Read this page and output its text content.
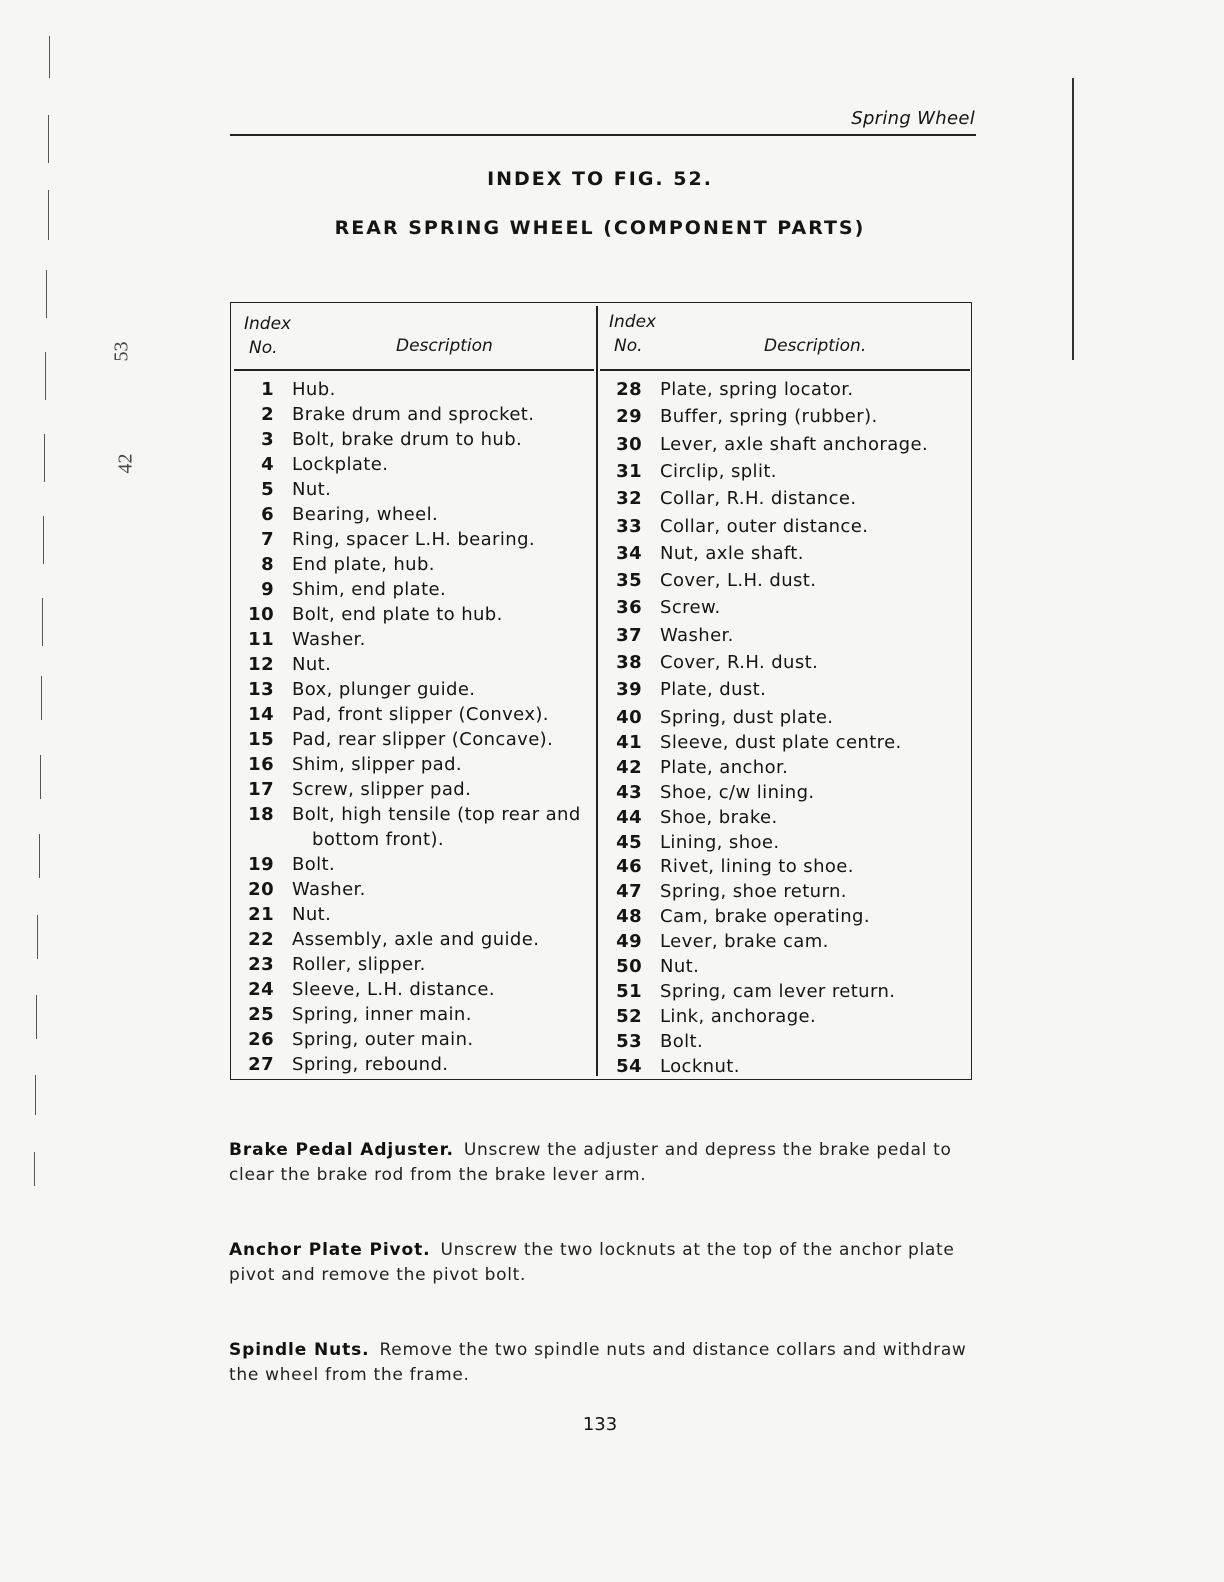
53
42
Spring Wheel
INDEX TO FIG. 52.
REAR SPRING WHEEL (COMPONENT PARTS)
Index
No.	Description
Index
No.	Description.
1 Hub.
2 Brake drum and sprocket.
3 Bolt, brake drum to hub.
4 Lockplate.
5 Nut.
6 Bearing, wheel.
7 Ring, spacer L.H. bearing.
8 End plate, hub.
9 Shim, end plate.
10 Bolt, end plate to hub.
11 Washer.
12 Nut.
13 Box, plunger guide.
14 Pad, front slipper (Convex).
15 Pad, rear slipper (Concave).
16 Shim, slipper pad.
17 Screw, slipper pad.
18 Bolt, high tensile (top rear and
bottom front).
19 Bolt.
20 Washer.
21 Nut.
22 Assembly, axle and guide.
23 Roller, slipper.
24 Sleeve, L.H. distance.
25 Spring, inner main.
26 Spring, outer main.
27 Spring, rebound.
28 Plate, spring locator.
29 Buffer, spring (rubber).
30 Lever, axle shaft anchorage.
31 Circlip, split.
32 Collar, R.H. distance.
33 Collar, outer distance.
34 Nut, axle shaft.
35 Cover, L.H. dust.
36 Screw.
37 Washer.
38 Cover, R.H. dust.
39 Plate, dust.
40 Spring, dust plate.
41 Sleeve, dust plate centre.
42 Plate, anchor.
43 Shoe, c/w lining.
44 Shoe, brake.
45 Lining, shoe.
46 Rivet, lining to shoe.
47 Spring, shoe return.
48 Cam, brake operating.
49 Lever, brake cam.
50 Nut.
51 Spring, cam lever return.
52 Link, anchorage.
53 Bolt.
54 Locknut.
Brake Pedal Adjuster. Unscrew the adjuster and depress the brake pedal to clear the brake rod from the brake lever arm.
Anchor Plate Pivot. Unscrew the two locknuts at the top of the anchor plate pivot and remove the pivot bolt.
Spindle Nuts. Remove the two spindle nuts and distance collars and withdraw the wheel from the frame.
133
